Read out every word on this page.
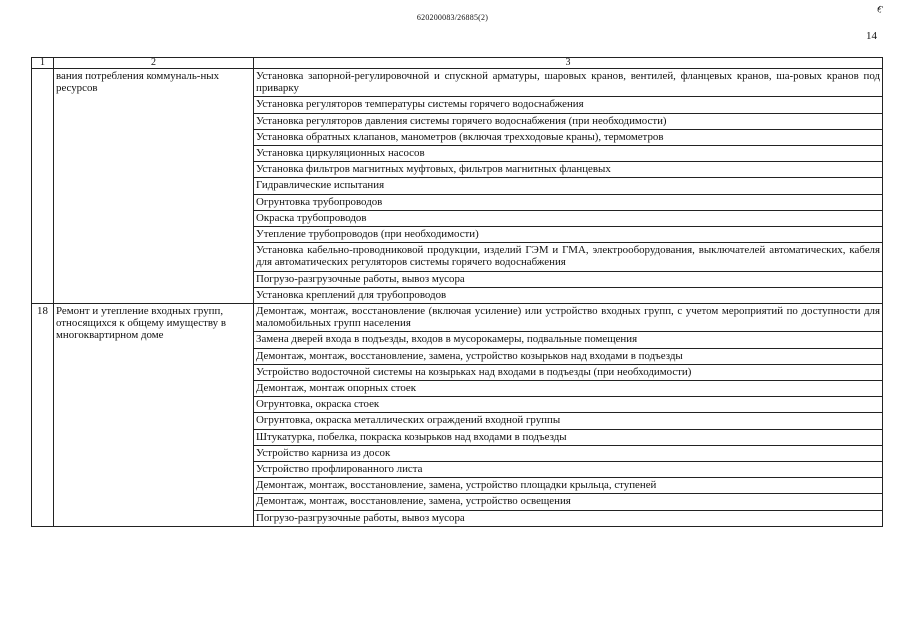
620200083/26885(2)
€
14
1	2	3
	вания потребления коммуналь-ных ресурсов	Установка запорной-регулировочной и спускной арматуры, шаровых кранов, вентилей, фланцевых кранов, ша-ровых кранов под приварку
		Установка регуляторов температуры системы горячего водоснабжения
		Установка регуляторов давления системы горячего водоснабжения (при необходимости)
		Установка обратных клапанов, манометров (включая трехходовые краны), термометров
		Установка циркуляционных насосов
		Установка фильтров магнитных муфтовых, фильтров магнитных фланцевых
		Гидравлические испытания
		Огрунтовка трубопроводов
		Окраска трубопроводов
		Утепление трубопроводов (при необходимости)
		Установка кабельно-проводниковой продукции, изделий ГЭМ и ГМА, электрооборудования, выключателей автоматических, кабеля для автоматических регуляторов системы горячего водоснабжения
		Погрузо-разгрузочные работы, вывоз мусора
		Установка креплений для трубопроводов
18	Ремонт и утепление входных групп, относящихся к общему имуществу в многоквартирном доме	Демонтаж, монтаж, восстановление (включая усиление) или устройство входных групп, с учетом мероприятий по доступности для маломобильных групп населения
		Замена дверей входа в подъезды, входов в мусорокамеры, подвальные помещения
		Демонтаж, монтаж, восстановление, замена, устройство козырьков над входами в подъезды
		Устройство водосточной системы на козырьках над входами в подъезды (при необходимости)
		Демонтаж, монтаж опорных стоек
		Огрунтовка, окраска стоек
		Огрунтовка, окраска металлических ограждений входной группы
		Штукатурка, побелка, покраска козырьков над входами в подъезды
		Устройство карниза из досок
		Устройство профлированного листа
		Демонтаж, монтаж, восстановление, замена, устройство площадки крыльца, ступеней
		Демонтаж, монтаж, восстановление, замена, устройство освещения
		Погрузо-разгрузочные работы, вывоз мусора
